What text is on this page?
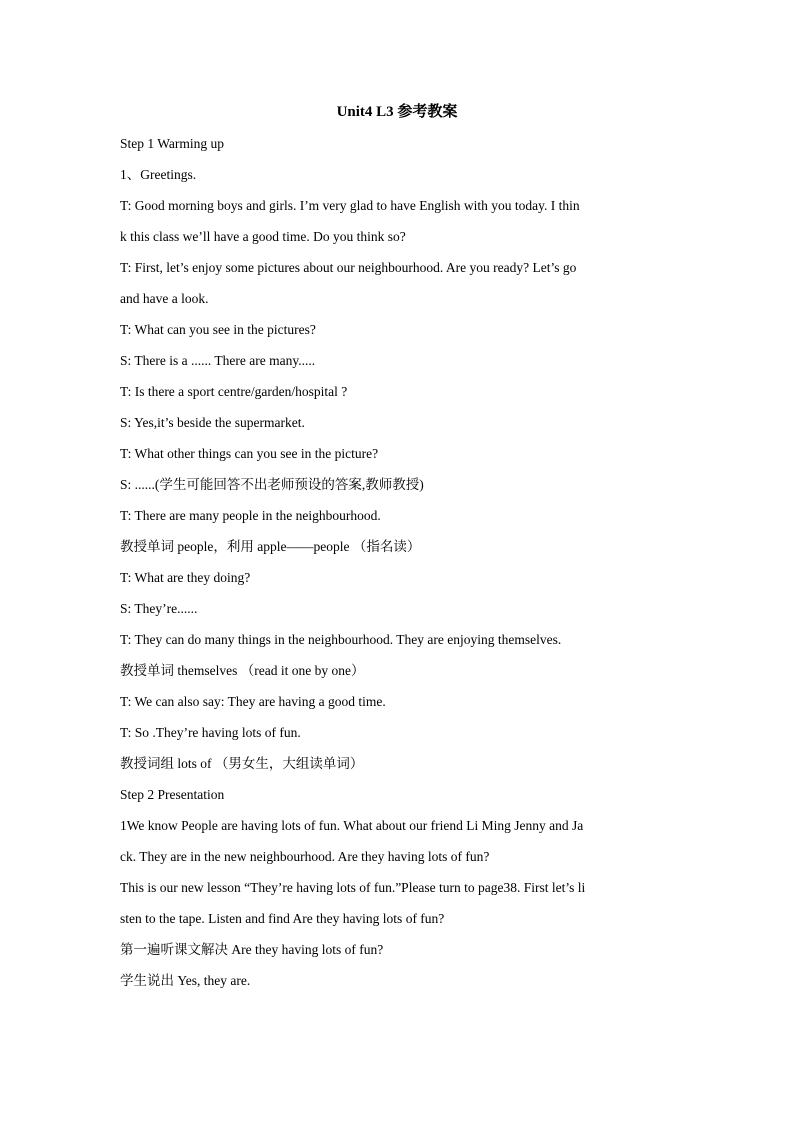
Unit4 L3 参考教案
Step 1 Warming up
1、Greetings.
T: Good morning boys and girls. I’m very glad to have English with you today. I thin
k this class we’ll have a good time. Do you think so?
T: First, let’s enjoy some pictures about our neighbourhood. Are you ready? Let’s go
and have a look.
T: What can you see in the pictures?
S: There is a ...... There are many.....
T: Is there a sport centre/garden/hospital ?
S: Yes,it’s beside the supermarket.
T: What other things can you see in the picture?
S: ......(学生可能回答不出老师预设的答案,教师教授)
T: There are many people in the neighbourhood.
教授单词 people，利用 apple——people （指名读）
T: What are they doing?
S: They’re......
T: They can do many things in the neighbourhood. They are enjoying themselves.
教授单词 themselves （read it one by one）
T: We can also say: They are having a good time.
T: So .They’re having lots of fun.
教授词组 lots of （男女生，大组读单词）
Step 2 Presentation
1We know People are having lots of fun. What about our friend Li Ming Jenny and Ja
ck. They are in the new neighbourhood. Are they having lots of fun?
This is our new lesson “They’re having lots of fun.”Please turn to page38. First let’s li
sten to the tape. Listen and find Are they having lots of fun?
第一遍听课文解决 Are they having lots of fun?
学生说出 Yes, they are.
